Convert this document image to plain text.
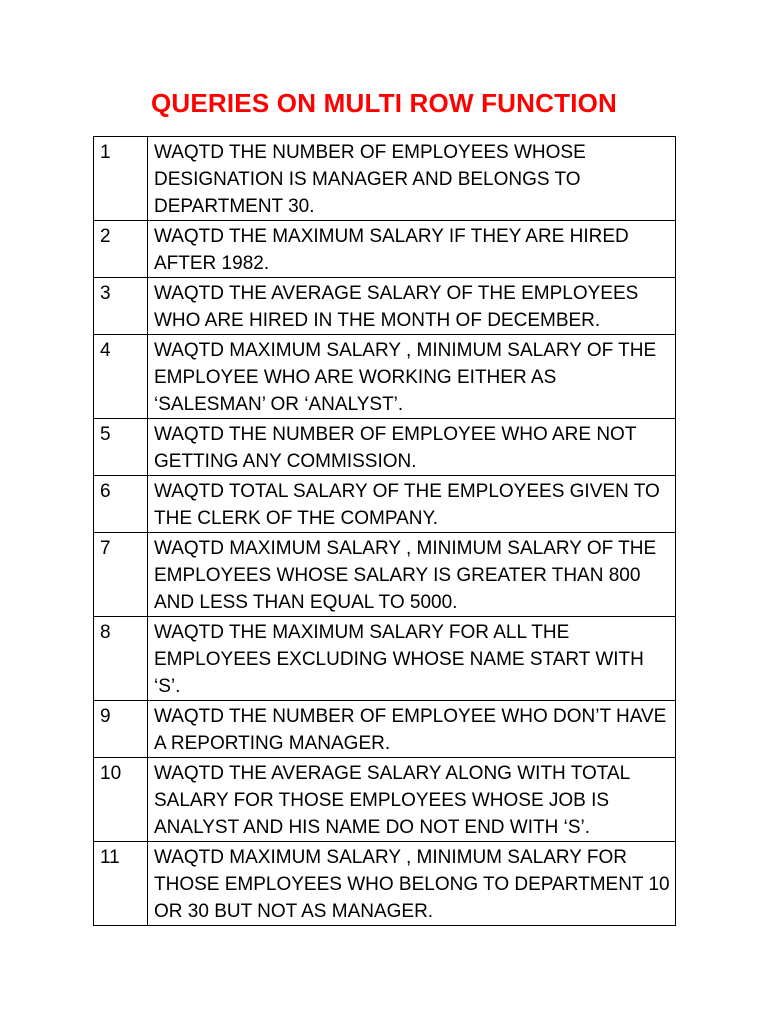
QUERIES ON MULTI ROW FUNCTION
1	WAQTD THE NUMBER OF EMPLOYEES WHOSE DESIGNATION IS MANAGER AND BELONGS TO DEPARTMENT 30.
2	WAQTD THE MAXIMUM SALARY IF THEY ARE HIRED AFTER 1982.
3	WAQTD THE AVERAGE SALARY OF THE EMPLOYEES WHO ARE HIRED IN THE MONTH OF DECEMBER.
4	WAQTD MAXIMUM SALARY , MINIMUM SALARY OF THE EMPLOYEE WHO ARE WORKING EITHER AS ‘SALESMAN’ OR ‘ANALYST’.
5	WAQTD THE NUMBER OF EMPLOYEE WHO ARE NOT GETTING ANY COMMISSION.
6	WAQTD TOTAL SALARY OF THE EMPLOYEES GIVEN TO THE CLERK OF THE COMPANY.
7	WAQTD MAXIMUM SALARY , MINIMUM SALARY OF THE EMPLOYEES WHOSE SALARY IS GREATER THAN 800 AND LESS THAN EQUAL TO 5000.
8	WAQTD THE MAXIMUM SALARY FOR ALL THE EMPLOYEES EXCLUDING WHOSE NAME START WITH ‘S’.
9	WAQTD THE NUMBER OF EMPLOYEE WHO DON’T HAVE A REPORTING MANAGER.
10	WAQTD THE AVERAGE SALARY ALONG WITH TOTAL SALARY FOR THOSE EMPLOYEES WHOSE JOB IS ANALYST AND HIS NAME DO NOT END WITH ‘S’.
11	WAQTD MAXIMUM SALARY , MINIMUM SALARY FOR THOSE EMPLOYEES WHO BELONG TO DEPARTMENT 10 OR 30 BUT NOT AS MANAGER.
